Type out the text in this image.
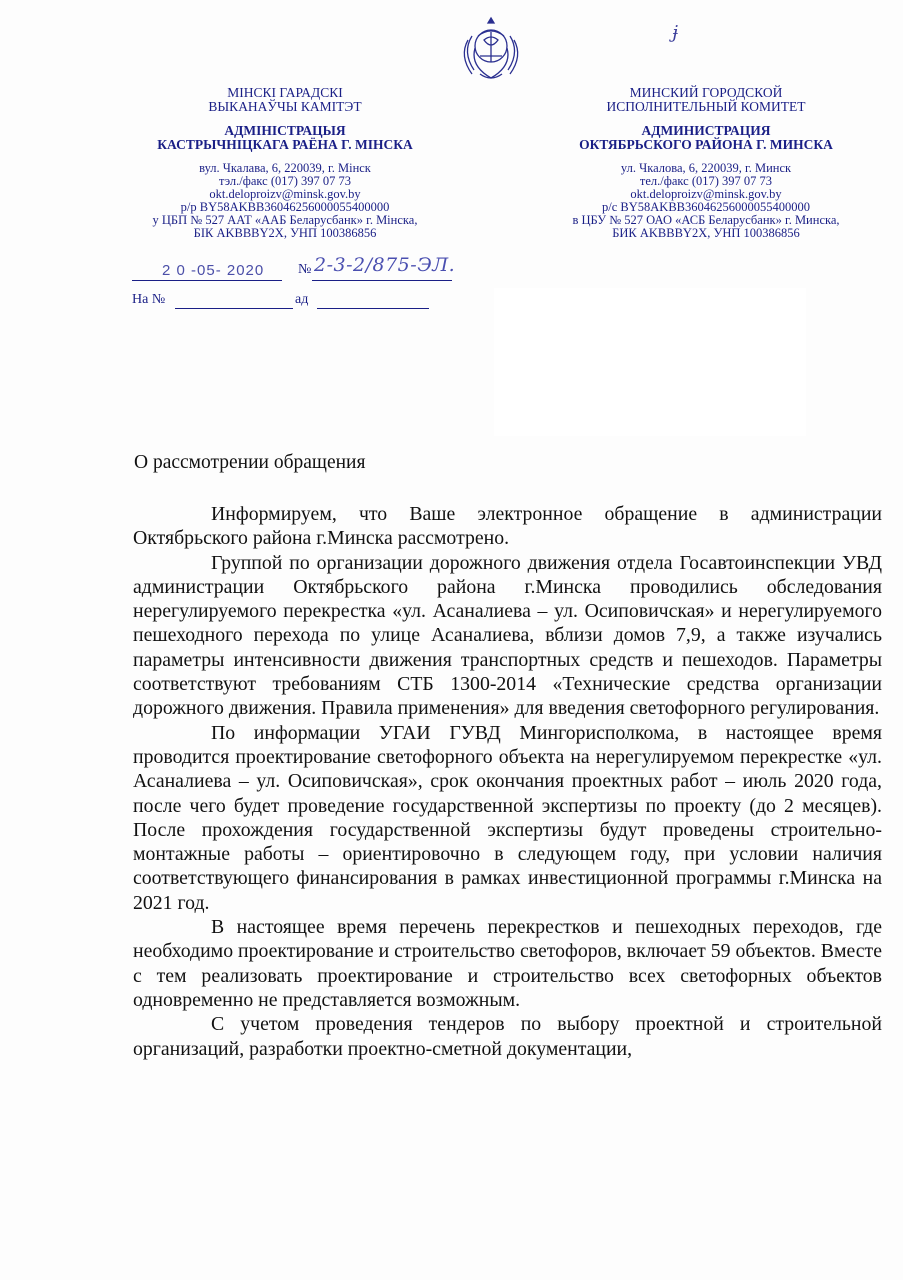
ɉ
МІНСКІ ГАРАДСКІ
ВЫКАНАЎЧЫ КАМІТЭТ
АДМІНІСТРАЦЫЯ
КАСТРЫЧНІЦКАГА РАЁНА Г. МІНСКА
вул. Чкалава, 6, 220039, г. Мінск
тэл./факс (017) 397 07 73
okt.deloproizv@minsk.gov.by
р/р BY58AKBB36046256000055400000
у ЦБП № 527 ААТ «ААБ Беларусбанк» г. Мінска,
БІК AKBBBY2X, УНП 100386856
МИНСКИЙ ГОРОДСКОЙ
ИСПОЛНИТЕЛЬНЫЙ КОМИТЕТ
АДМИНИСТРАЦИЯ
ОКТЯБРЬСКОГО РАЙОНА Г. МИНСКА
ул. Чкалова, 6, 220039, г. Минск
тел./факс (017) 397 07 73
okt.deloproizv@minsk.gov.by
р/с BY58AKBB36046256000055400000
в ЦБУ № 527 ОАО «АСБ Беларусбанк» г. Минска,
БИК AKBBBY2X, УНП 100386856
2 0 -05- 2020 № 2-3-2/875-ЭЛ.
На №	ад
О рассмотрении обращения

Информируем, что Ваше электронное обращение в администрации Октябрьского района г.Минска рассмотрено.

Группой по организации дорожного движения отдела Госавтоинспекции УВД администрации Октябрьского района г.Минска проводились обследования нерегулируемого перекрестка «ул. Асаналиева – ул. Осиповичская» и нерегулируемого пешеходного перехода по улице Асаналиева, вблизи домов 7,9, а также изучались параметры интенсивности движения транспортных средств и пешеходов. Параметры соответствуют требованиям СТБ 1300-2014 «Технические средства организации дорожного движения. Правила применения» для введения светофорного регулирования.

По информации УГАИ ГУВД Мингорисполкома, в настоящее время проводится проектирование светофорного объекта на нерегулируемом перекрестке «ул. Асаналиева – ул. Осиповичская», срок окончания проектных работ – июль 2020 года, после чего будет проведение государственной экспертизы по проекту (до 2 месяцев). После прохождения государственной экспертизы будут проведены строительно-монтажные работы – ориентировочно в следующем году, при условии наличия соответствующего финансирования в рамках инвестиционной программы г.Минска на 2021 год.

В настоящее время перечень перекрестков и пешеходных переходов, где необходимо проектирование и строительство светофоров, включает 59 объектов. Вместе с тем реализовать проектирование и строительство всех светофорных объектов одновременно не представляется возможным.

С учетом проведения тендеров по выбору проектной и строительной организаций, разработки проектно-сметной документации,
